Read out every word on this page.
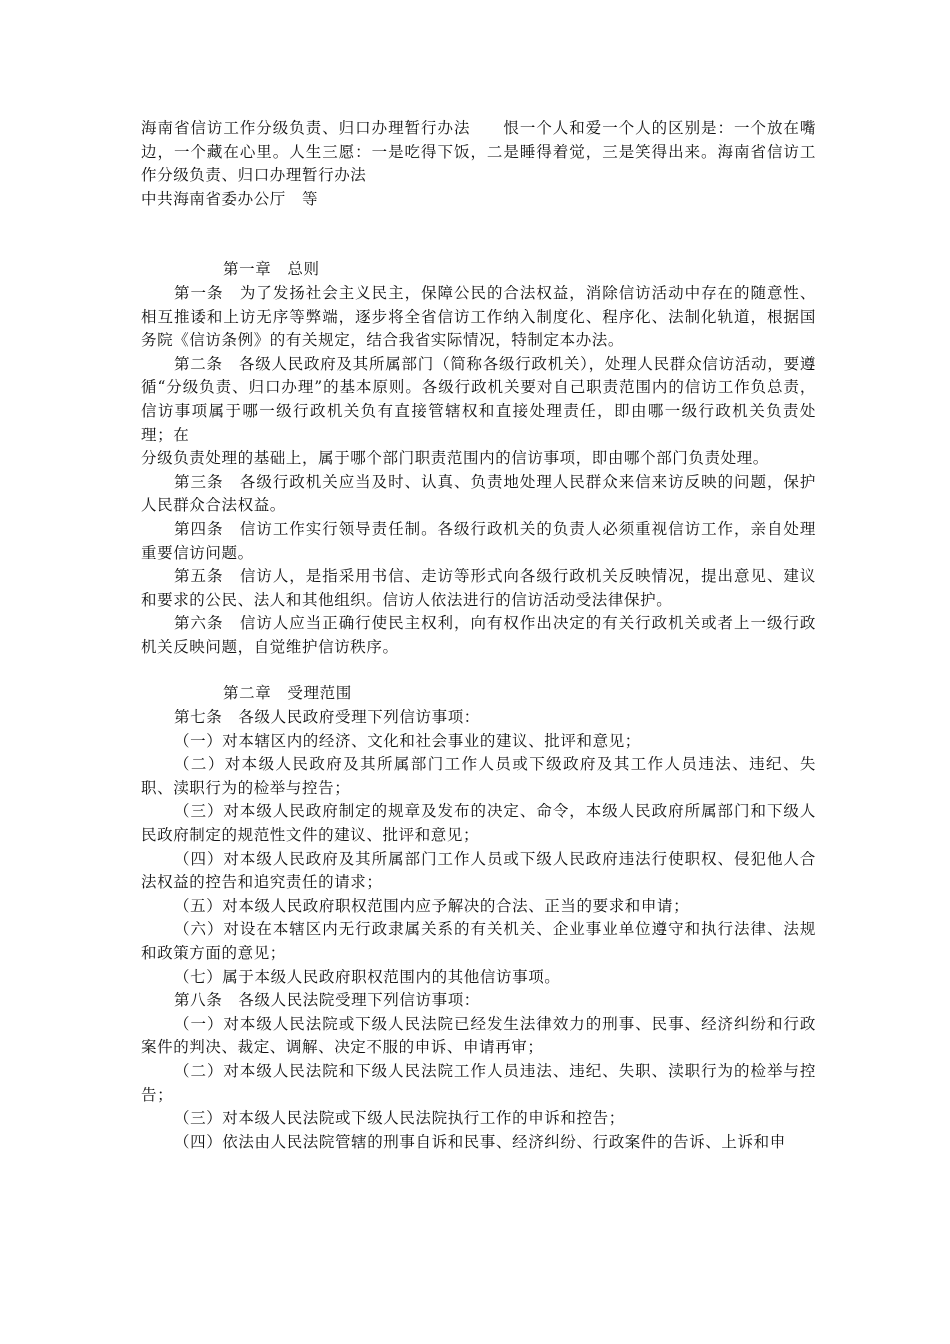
海南省信访工作分级负责、归口办理暂行办法　　恨一个人和爱一个人的区别是：一个放在嘴边，一个藏在心里。人生三愿：一是吃得下饭，二是睡得着觉，三是笑得出来。海南省信访工作分级负责、归口办理暂行办法
中共海南省委办公厅　等
第一章　总则
第一条　为了发扬社会主义民主，保障公民的合法权益，消除信访活动中存在的随意性、相互推诿和上访无序等弊端，逐步将全省信访工作纳入制度化、程序化、法制化轨道，根据国务院《信访条例》的有关规定，结合我省实际情况，特制定本办法。
第二条　各级人民政府及其所属部门（简称各级行政机关），处理人民群众信访活动，要遵循“分级负责、归口办理”的基本原则。各级行政机关要对自己职责范围内的信访工作负总责，信访事项属于哪一级行政机关负有直接管辖权和直接处理责任，即由哪一级行政机关负责处理；在
分级负责处理的基础上，属于哪个部门职责范围内的信访事项，即由哪个部门负责处理。
第三条　各级行政机关应当及时、认真、负责地处理人民群众来信来访反映的问题，保护人民群众合法权益。
第四条　信访工作实行领导责任制。各级行政机关的负责人必须重视信访工作，亲自处理重要信访问题。
第五条　信访人，是指采用书信、走访等形式向各级行政机关反映情况，提出意见、建议和要求的公民、法人和其他组织。信访人依法进行的信访活动受法律保护。
第六条　信访人应当正确行使民主权利，向有权作出决定的有关行政机关或者上一级行政机关反映问题，自觉维护信访秩序。
第二章　受理范围
第七条　各级人民政府受理下列信访事项：
（一）对本辖区内的经济、文化和社会事业的建议、批评和意见；
（二）对本级人民政府及其所属部门工作人员或下级政府及其工作人员违法、违纪、失职、渎职行为的检举与控告；
（三）对本级人民政府制定的规章及发布的决定、命令，本级人民政府所属部门和下级人民政府制定的规范性文件的建议、批评和意见；
（四）对本级人民政府及其所属部门工作人员或下级人民政府违法行使职权、侵犯他人合法权益的控告和追究责任的请求；
（五）对本级人民政府职权范围内应予解决的合法、正当的要求和申请；
（六）对设在本辖区内无行政隶属关系的有关机关、企业事业单位遵守和执行法律、法规和政策方面的意见；
（七）属于本级人民政府职权范围内的其他信访事项。
第八条　各级人民法院受理下列信访事项：
（一）对本级人民法院或下级人民法院已经发生法律效力的刑事、民事、经济纠纷和行政案件的判决、裁定、调解、决定不服的申诉、申请再审；
（二）对本级人民法院和下级人民法院工作人员违法、违纪、失职、渎职行为的检举与控告；
（三）对本级人民法院或下级人民法院执行工作的申诉和控告；
（四）依法由人民法院管辖的刑事自诉和民事、经济纠纷、行政案件的告诉、上诉和申
